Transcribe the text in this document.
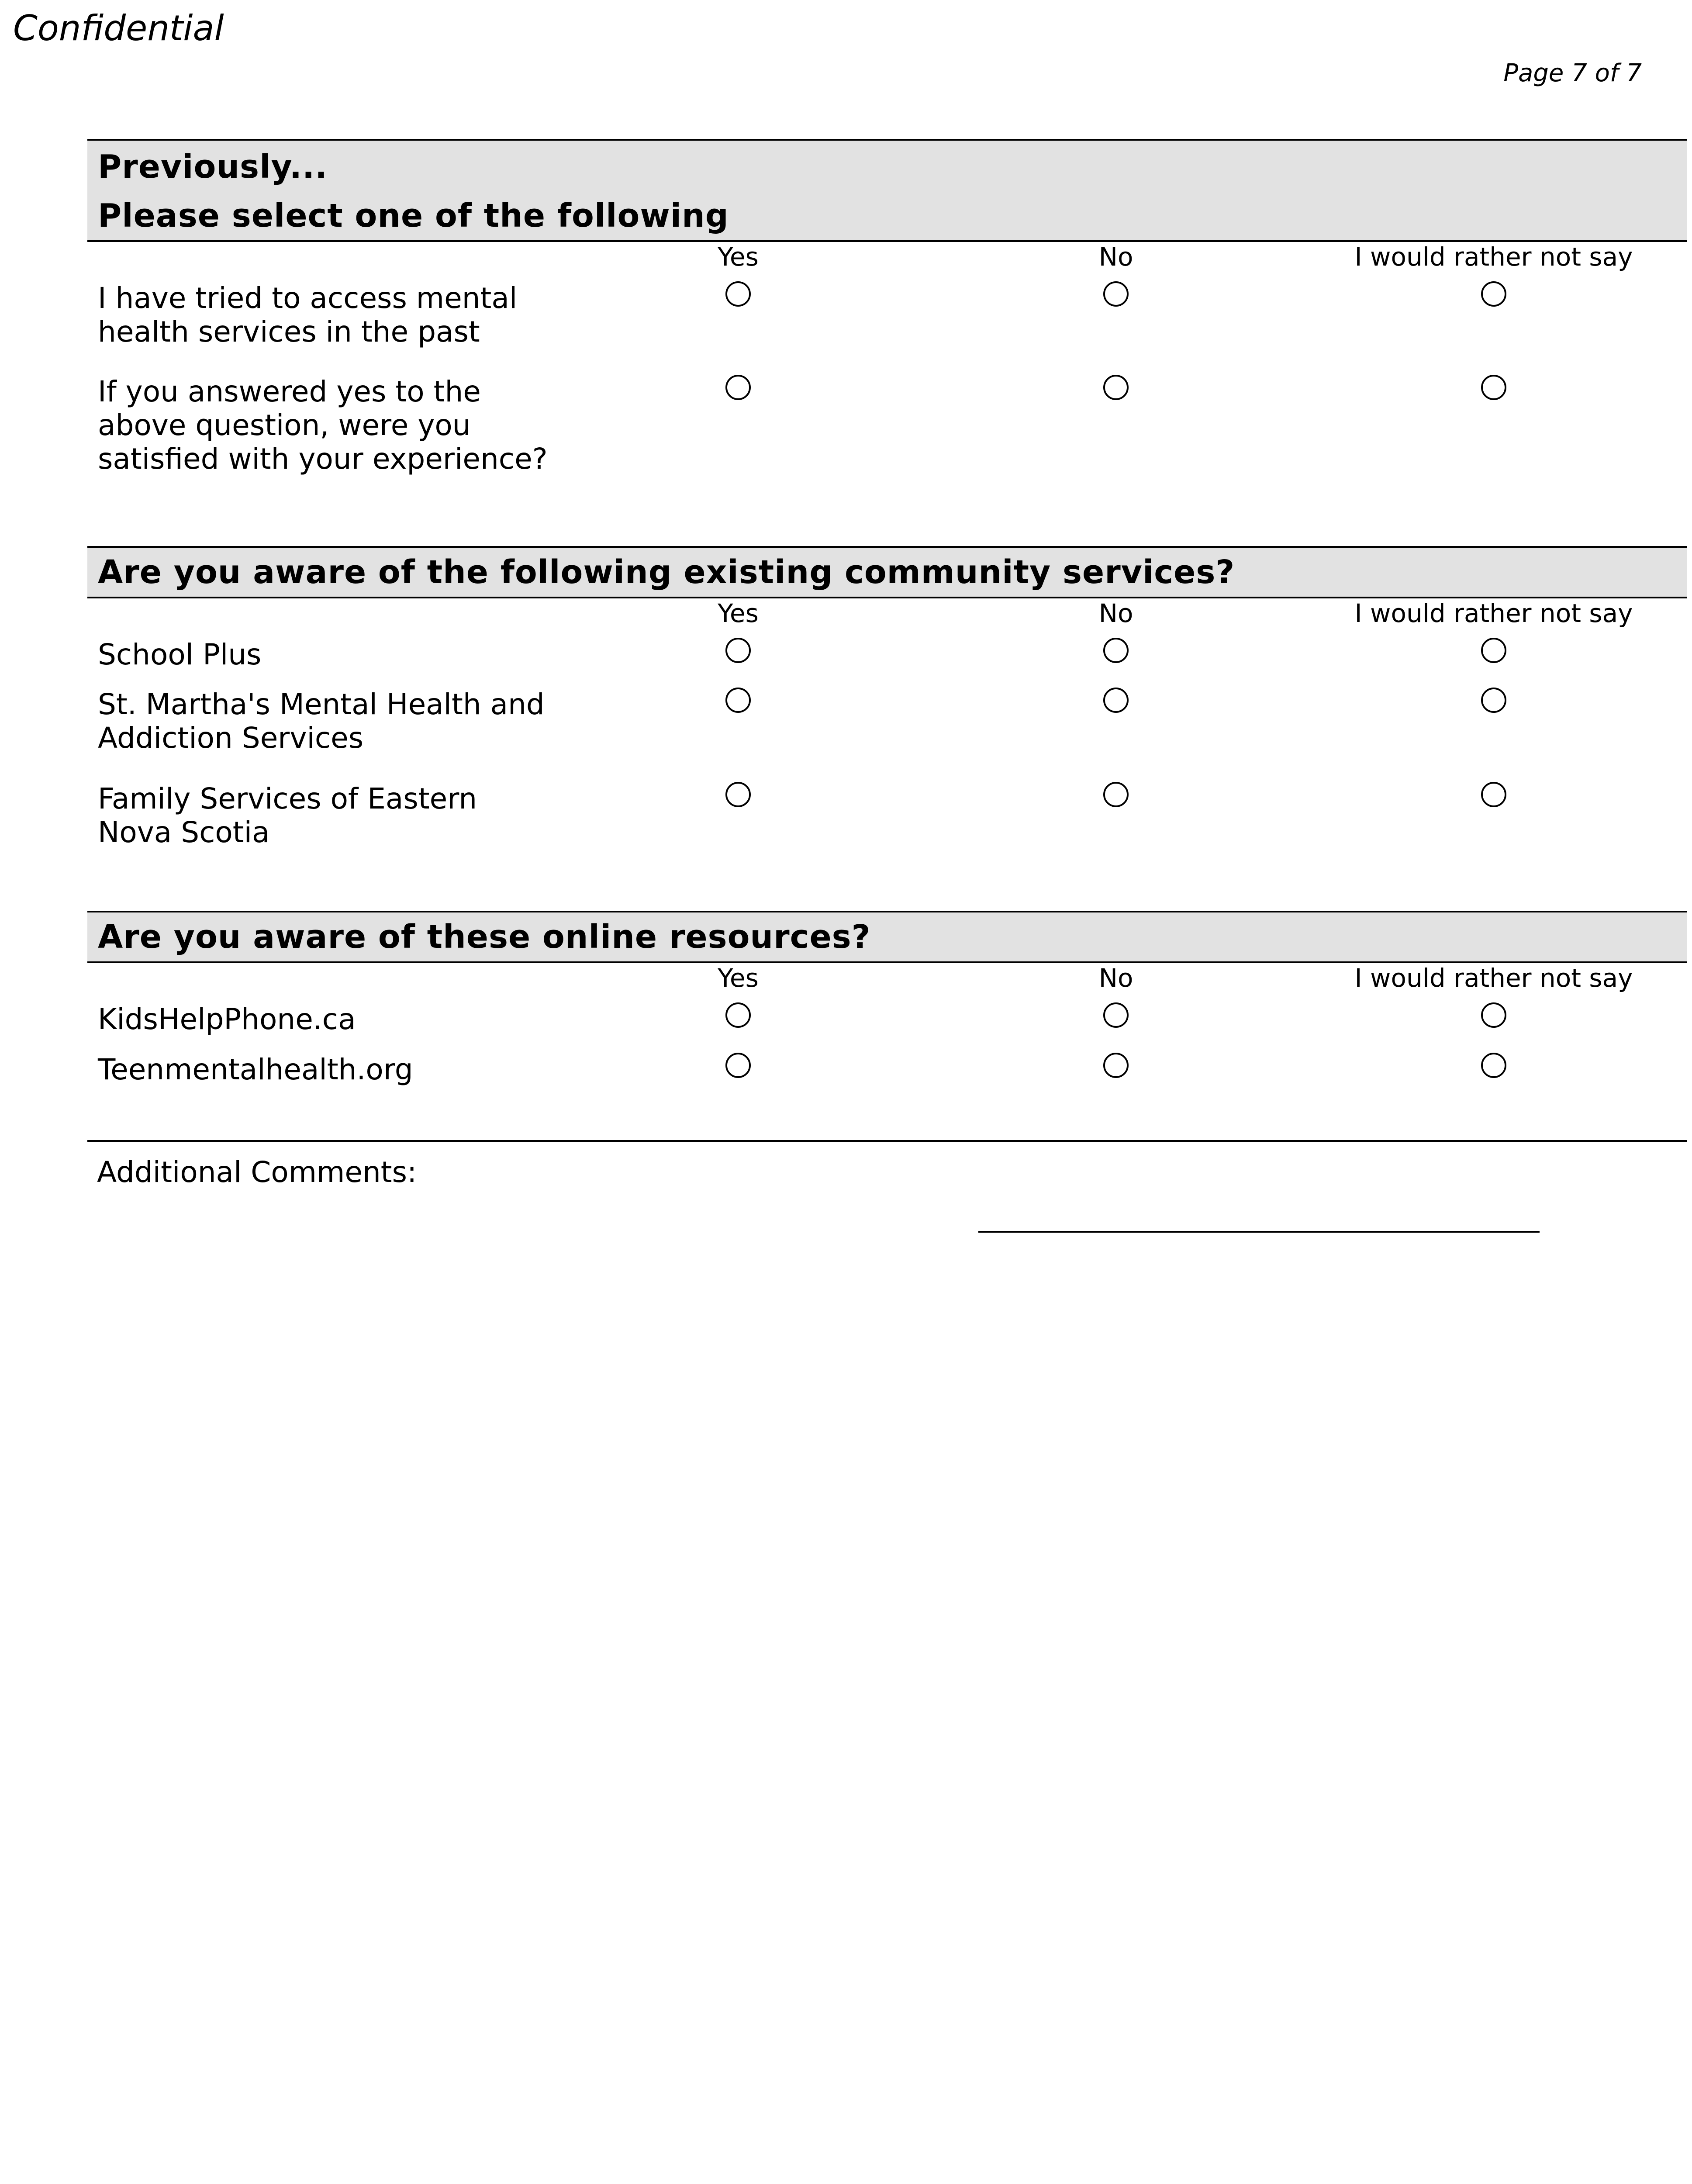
Confidential
Page 7 of 7
Previously...
Please select one of the following
Yes	No	I would rather not say
I have tried to access mental health services in the past
If you answered yes to the above question, were you satisfied with your experience?
Are you aware of the following existing community services?
Yes	No	I would rather not say
School Plus
St. Martha's Mental Health and Addiction Services
Family Services of Eastern Nova Scotia
Are you aware of these online resources?
Yes	No	I would rather not say
KidsHelpPhone.ca
Teenmentalhealth.org
Additional Comments:
